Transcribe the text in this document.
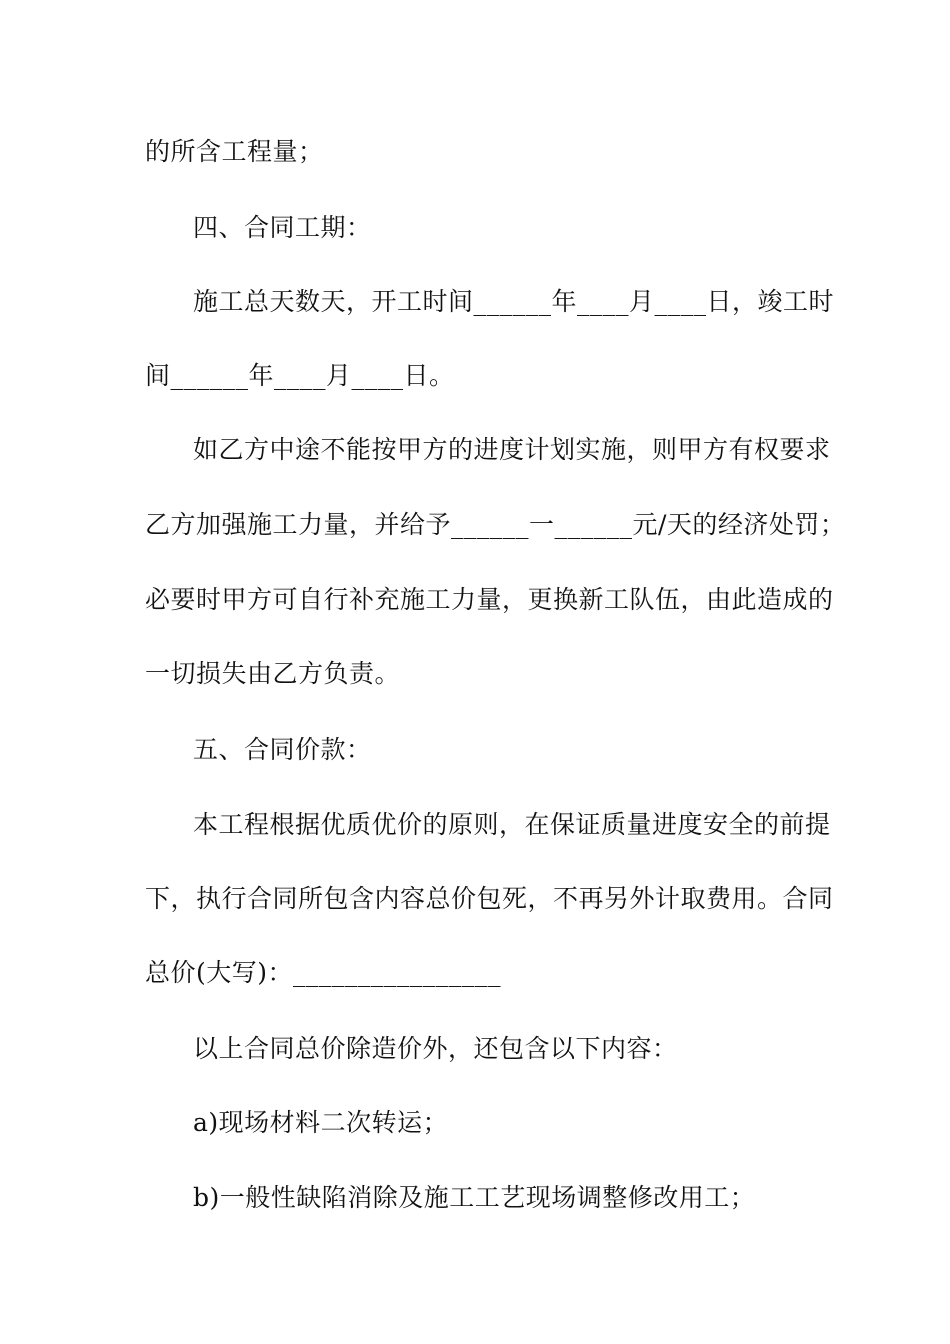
的所含工程量；
四、合同工期：
施工总天数天，开工时间______年____月____日，竣工时
间______年____月____日。
如乙方中途不能按甲方的进度计划实施，则甲方有权要求
乙方加强施工力量，并给予______一______元/天的经济处罚；
必要时甲方可自行补充施工力量，更换新工队伍，由此造成的
一切损失由乙方负责。
五、合同价款：
本工程根据优质优价的原则，在保证质量进度安全的前提
下，执行合同所包含内容总价包死，不再另外计取费用。合同
总价(大写)：________________
以上合同总价除造价外，还包含以下内容：
a)现场材料二次转运；
b)一般性缺陷消除及施工工艺现场调整修改用工；
